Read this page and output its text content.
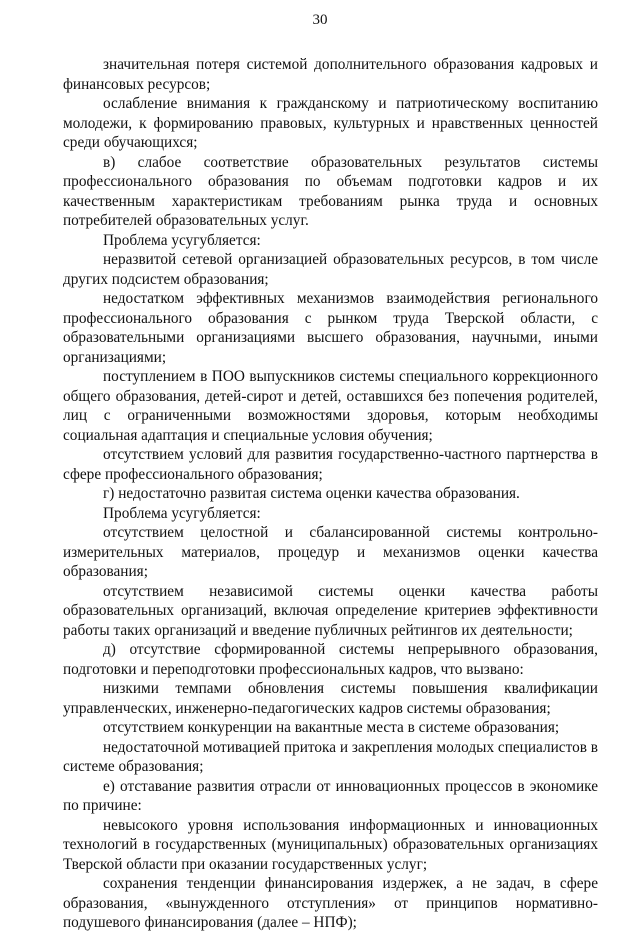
30

значительная потеря системой дополнительного образования кадровых и финансовых ресурсов;

ослабление внимания к гражданскому и патриотическому воспитанию молодежи, к формированию правовых, культурных и нравственных ценностей среди обучающихся;

в) слабое соответствие образовательных результатов системы профессионального образования по объемам подготовки кадров и их качественным характеристикам требованиям рынка труда и основных потребителей образовательных услуг.

Проблема усугубляется:

неразвитой сетевой организацией образовательных ресурсов, в том числе других подсистем образования;

недостатком эффективных механизмов взаимодействия регионального профессионального образования с рынком труда Тверской области, с образовательными организациями высшего образования, научными, иными организациями;

поступлением в ПОО выпускников системы специального коррекционного общего образования, детей-сирот и детей, оставшихся без попечения родителей, лиц с ограниченными возможностями здоровья, которым необходимы социальная адаптация и специальные условия обучения;

отсутствием условий для развития государственно-частного партнерства в сфере профессионального образования;

г) недостаточно развитая система оценки качества образования.

Проблема усугубляется:

отсутствием целостной и сбалансированной системы контрольно-измерительных материалов, процедур и механизмов оценки качества образования;

отсутствием независимой системы оценки качества работы образовательных организаций, включая определение критериев эффективности работы таких организаций и введение публичных рейтингов их деятельности;

д) отсутствие сформированной системы непрерывного образования, подготовки и переподготовки профессиональных кадров, что вызвано:

низкими темпами обновления системы повышения квалификации управленческих, инженерно-педагогических кадров системы образования;

отсутствием конкуренции на вакантные места в системе образования;

недостаточной мотивацией притока и закрепления молодых специалистов в системе образования;

е) отставание развития отрасли от инновационных процессов в экономике по причине:

невысокого уровня использования информационных и инновационных технологий в государственных (муниципальных) образовательных организациях Тверской области при оказании государственных услуг;

сохранения тенденции финансирования издержек, а не задач, в сфере образования, «вынужденного отступления» от принципов нормативно-подушевого финансирования (далее – НПФ);
